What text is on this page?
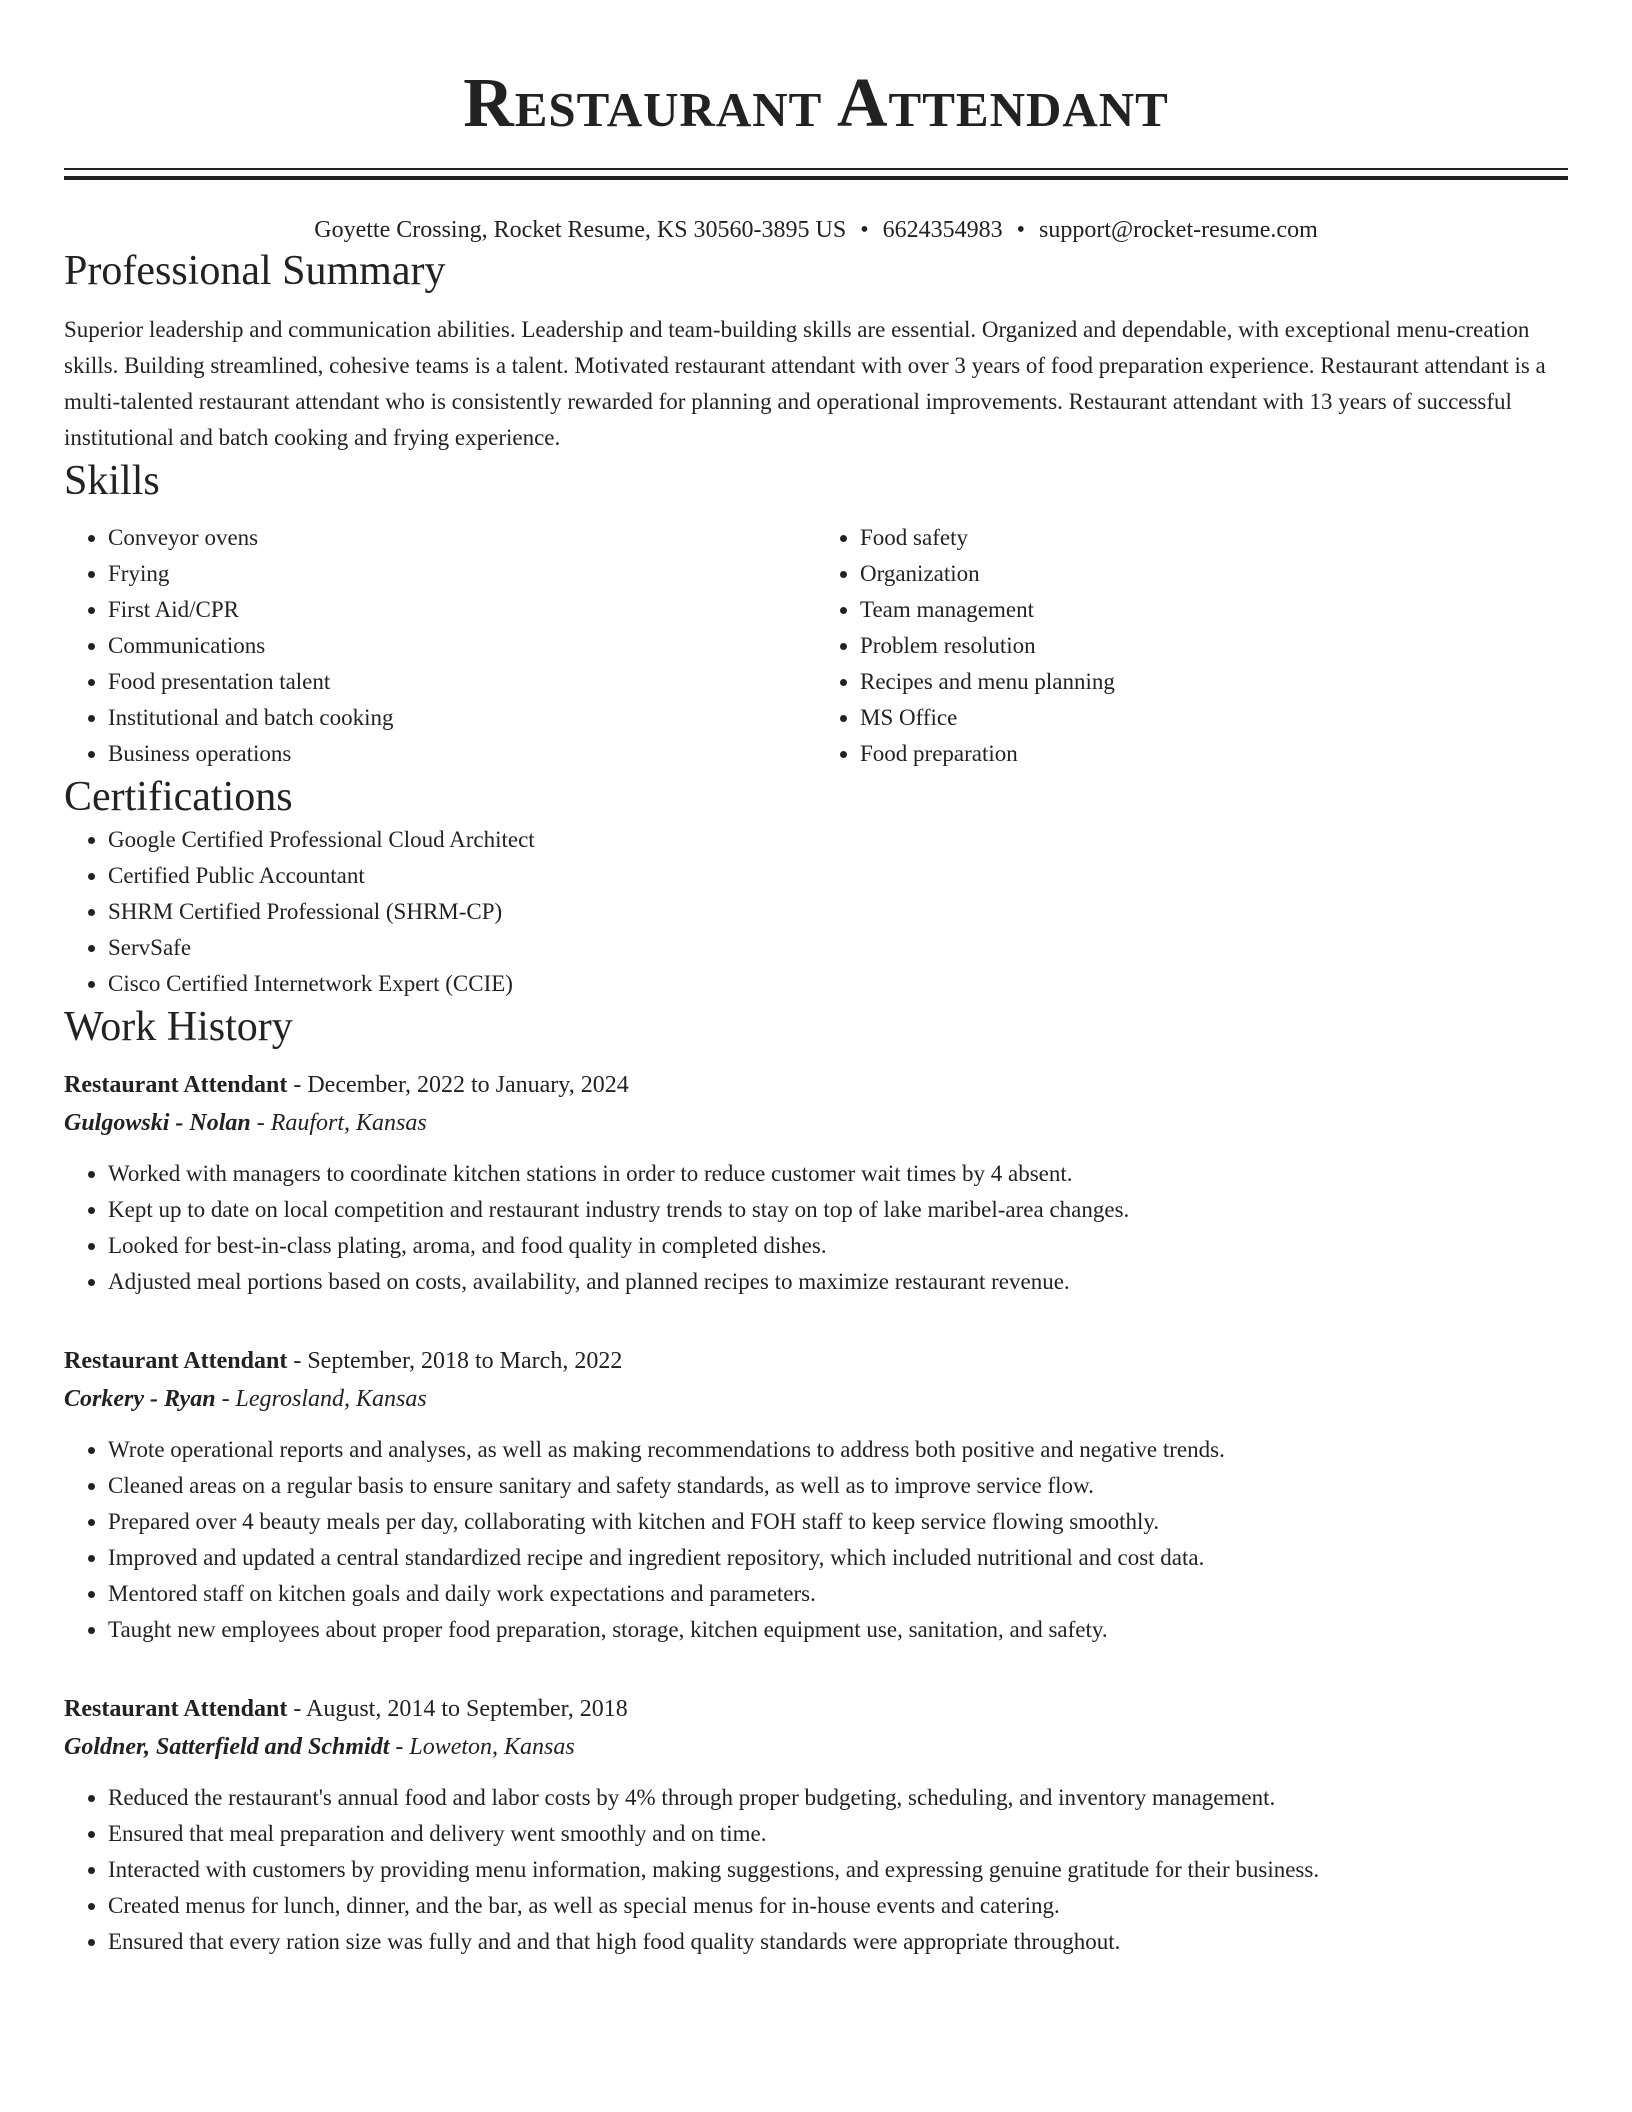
Restaurant Attendant
Goyette Crossing, Rocket Resume, KS 30560-3895 US • 6624354983 • support@rocket-resume.com
Professional Summary
Superior leadership and communication abilities. Leadership and team-building skills are essential. Organized and dependable, with exceptional menu-creation skills. Building streamlined, cohesive teams is a talent. Motivated restaurant attendant with over 3 years of food preparation experience. Restaurant attendant is a multi-talented restaurant attendant who is consistently rewarded for planning and operational improvements. Restaurant attendant with 13 years of successful institutional and batch cooking and frying experience.
Skills
• Conveyor ovens
• Frying
• First Aid/CPR
• Communications
• Food presentation talent
• Institutional and batch cooking
• Business operations
• Food safety
• Organization
• Team management
• Problem resolution
• Recipes and menu planning
• MS Office
• Food preparation
Certifications
• Google Certified Professional Cloud Architect
• Certified Public Accountant
• SHRM Certified Professional (SHRM-CP)
• ServSafe
• Cisco Certified Internetwork Expert (CCIE)
Work History
Restaurant Attendant - December, 2022 to January, 2024
Gulgowski - Nolan - Raufort, Kansas
• Worked with managers to coordinate kitchen stations in order to reduce customer wait times by 4 absent.
• Kept up to date on local competition and restaurant industry trends to stay on top of lake maribel-area changes.
• Looked for best-in-class plating, aroma, and food quality in completed dishes.
• Adjusted meal portions based on costs, availability, and planned recipes to maximize restaurant revenue.
Restaurant Attendant - September, 2018 to March, 2022
Corkery - Ryan - Legrosland, Kansas
• Wrote operational reports and analyses, as well as making recommendations to address both positive and negative trends.
• Cleaned areas on a regular basis to ensure sanitary and safety standards, as well as to improve service flow.
• Prepared over 4 beauty meals per day, collaborating with kitchen and FOH staff to keep service flowing smoothly.
• Improved and updated a central standardized recipe and ingredient repository, which included nutritional and cost data.
• Mentored staff on kitchen goals and daily work expectations and parameters.
• Taught new employees about proper food preparation, storage, kitchen equipment use, sanitation, and safety.
Restaurant Attendant - August, 2014 to September, 2018
Goldner, Satterfield and Schmidt - Loweton, Kansas
• Reduced the restaurant's annual food and labor costs by 4% through proper budgeting, scheduling, and inventory management.
• Ensured that meal preparation and delivery went smoothly and on time.
• Interacted with customers by providing menu information, making suggestions, and expressing genuine gratitude for their business.
• Created menus for lunch, dinner, and the bar, as well as special menus for in-house events and catering.
• Ensured that every ration size was fully and and that high food quality standards were appropriate throughout.
